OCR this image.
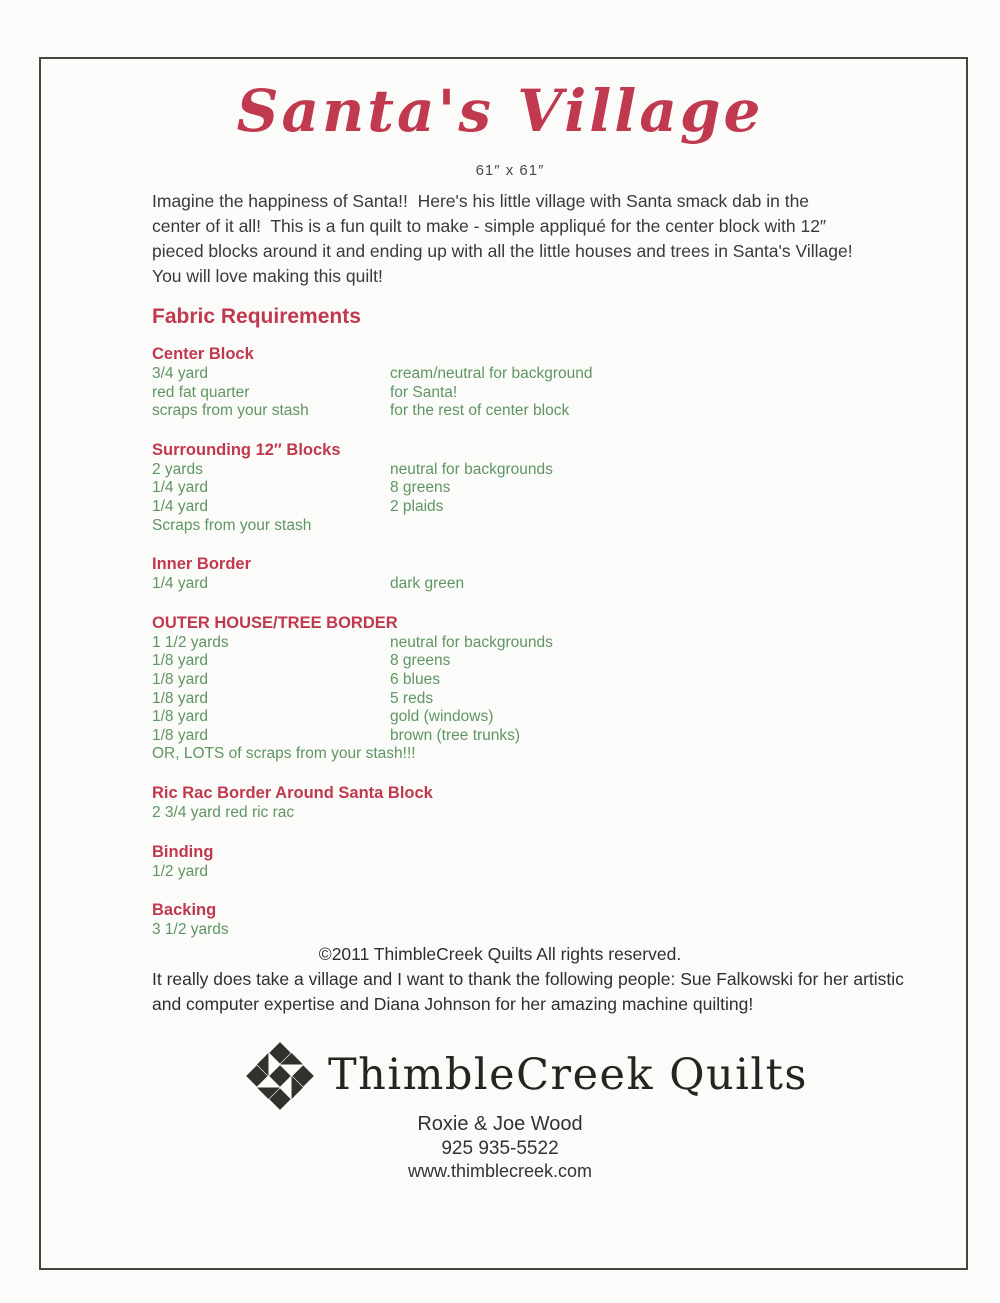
Santa's Village
61″ x 61″
Imagine the happiness of Santa!!  Here's his little village with Santa smack dab in the center of it all!  This is a fun quilt to make - simple appliqué for the center block with 12″ pieced blocks around it and ending up with all the little houses and trees in Santa's Village!  You will love making this quilt!
Fabric Requirements
Center Block
3/4 yard	cream/neutral for background
red fat quarter	for Santa!
scraps from your stash	for the rest of center block
Surrounding 12″ Blocks
2 yards	neutral for backgrounds
1/4 yard	8 greens
1/4 yard	2 plaids
Scraps from your stash
Inner Border
1/4 yard	dark green
OUTER HOUSE/TREE BORDER
1 1/2 yards	neutral for backgrounds
1/8 yard	8 greens
1/8 yard	6 blues
1/8 yard	5 reds
1/8 yard	gold (windows)
1/8 yard	brown (tree trunks)
OR, LOTS of scraps from your stash!!!
Ric Rac Border Around Santa Block
2 3/4 yard red ric rac
Binding
1/2 yard
Backing
3 1/2 yards
©2011 ThimbleCreek Quilts All rights reserved.
It really does take a village and I want to thank the following people: Sue Falkowski for her artistic and computer expertise and Diana Johnson for her amazing machine quilting!
ThimbleCreek Quilts
Roxie & Joe Wood
925 935-5522
www.thimblecreek.com
